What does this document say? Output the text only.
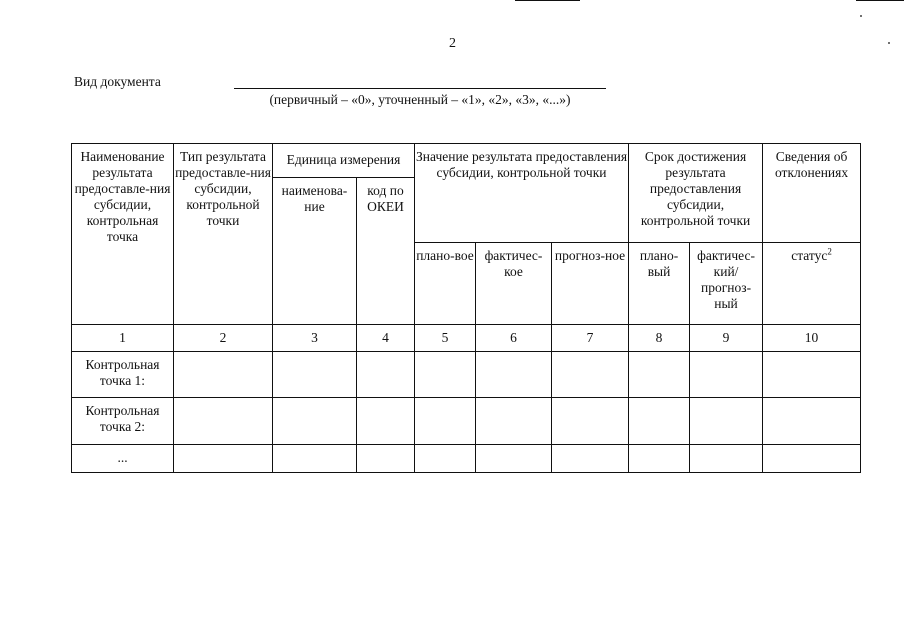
2
Вид документа
(первичный – «0», уточненный – «1», «2», «3», «...»)
Наименование результата предоставле-ния субсидии, контрольная точка	Тип результата предоставле-ния субсидии, контрольной точки	Единица измерения		Значение результата предоставления субсидии, контрольной точки			Срок достижения результата предоставления субсидии, контрольной точки		Сведения об отклонениях

		наименова-ние	код по ОКЕИ						

				плано-вое	фактичес-кое	прогноз-ное	плано-вый	фактичес-кий/ прогноз-ный	статус$^2$
1	2	3	4	5	6	7	8	9	10
Контрольная точка 1:									
Контрольная точка 2:									
...									
